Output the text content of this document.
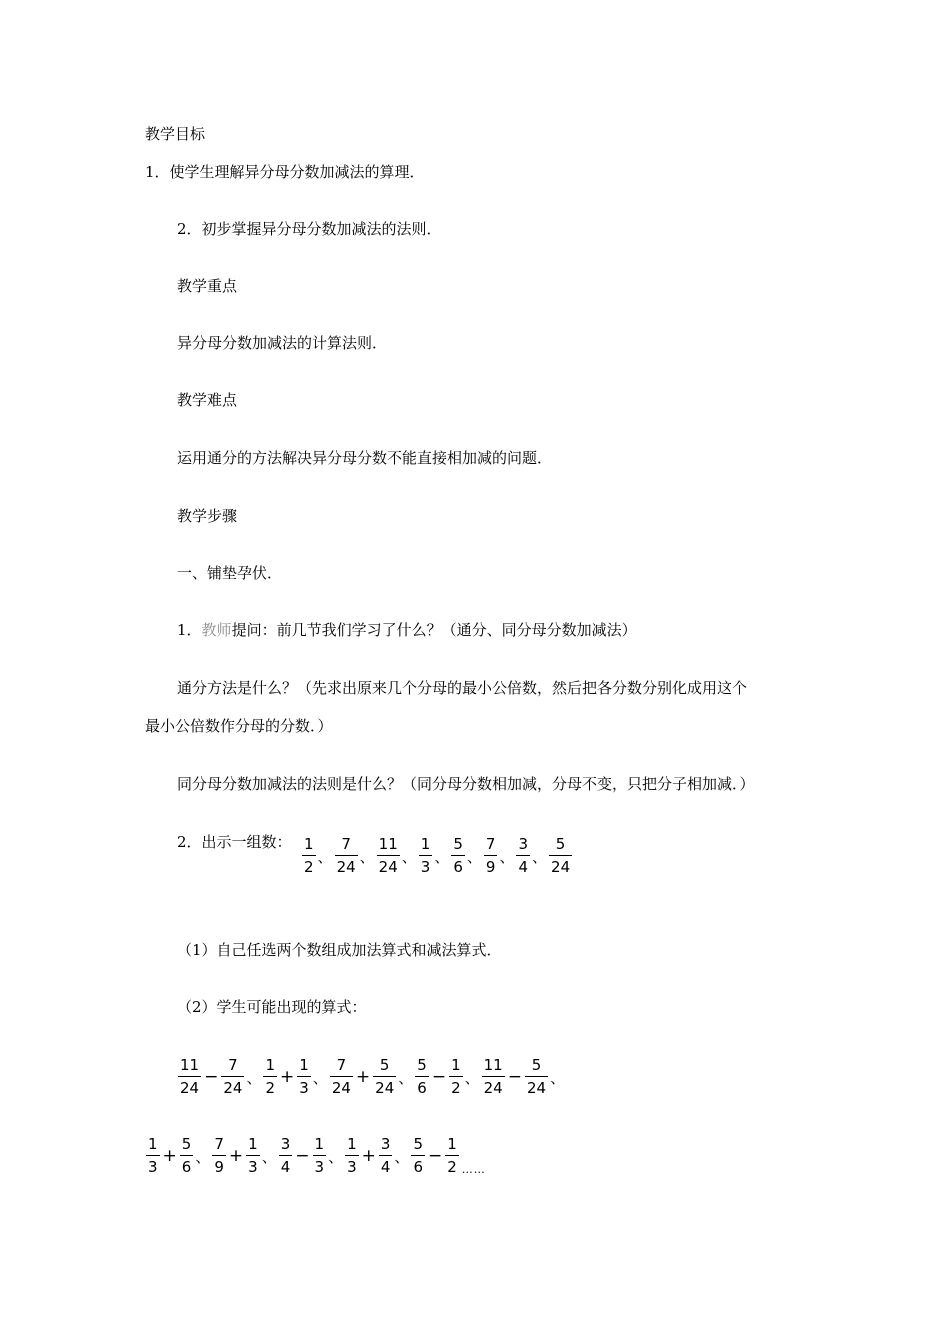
教学目标
1．使学生理解异分母分数加减法的算理．
2．初步掌握异分母分数加减法的法则．
教学重点
异分母分数加减法的计算法则．
教学难点
运用通分的方法解决异分母分数不能直接相加减的问题．
教学步骤
一、铺垫孕伏．
1．教师提问：前几节我们学习了什么？（通分、同分母分数加减法）
通分方法是什么？（先求出原来几个分母的最小公倍数，然后把各分数分别化成用这个
最小公倍数作分母的分数．）
同分母分数加减法的法则是什么？（同分母分数相加减，分母不变，只把分子相加减．）
2．出示一组数： $\frac{1}{2}$ 、 $\frac{7}{24}$ 、 $\frac{11}{24}$ 、 $\frac{1}{3}$ 、 $\frac{5}{6}$ 、 $\frac{7}{9}$ 、 $\frac{3}{4}$ 、 $\frac{5}{24}$
（1）自己任选两个数组成加法算式和减法算式．
（2）学生可能出现的算式：
$\frac{11}{24} - \frac{7}{24}$ 、 $\frac{1}{2} + \frac{1}{3}$ 、 $\frac{7}{24} + \frac{5}{24}$ 、 $\frac{5}{6} - \frac{1}{2}$ 、 $\frac{11}{24} - \frac{5}{24}$ 、
$\frac{1}{3} + \frac{5}{6}$ 、 $\frac{7}{9} + \frac{1}{3}$ 、 $\frac{3}{4} - \frac{1}{3}$ 、 $\frac{1}{3} + \frac{3}{4}$ 、 $\frac{5}{6} - \frac{1}{2}$ ……
